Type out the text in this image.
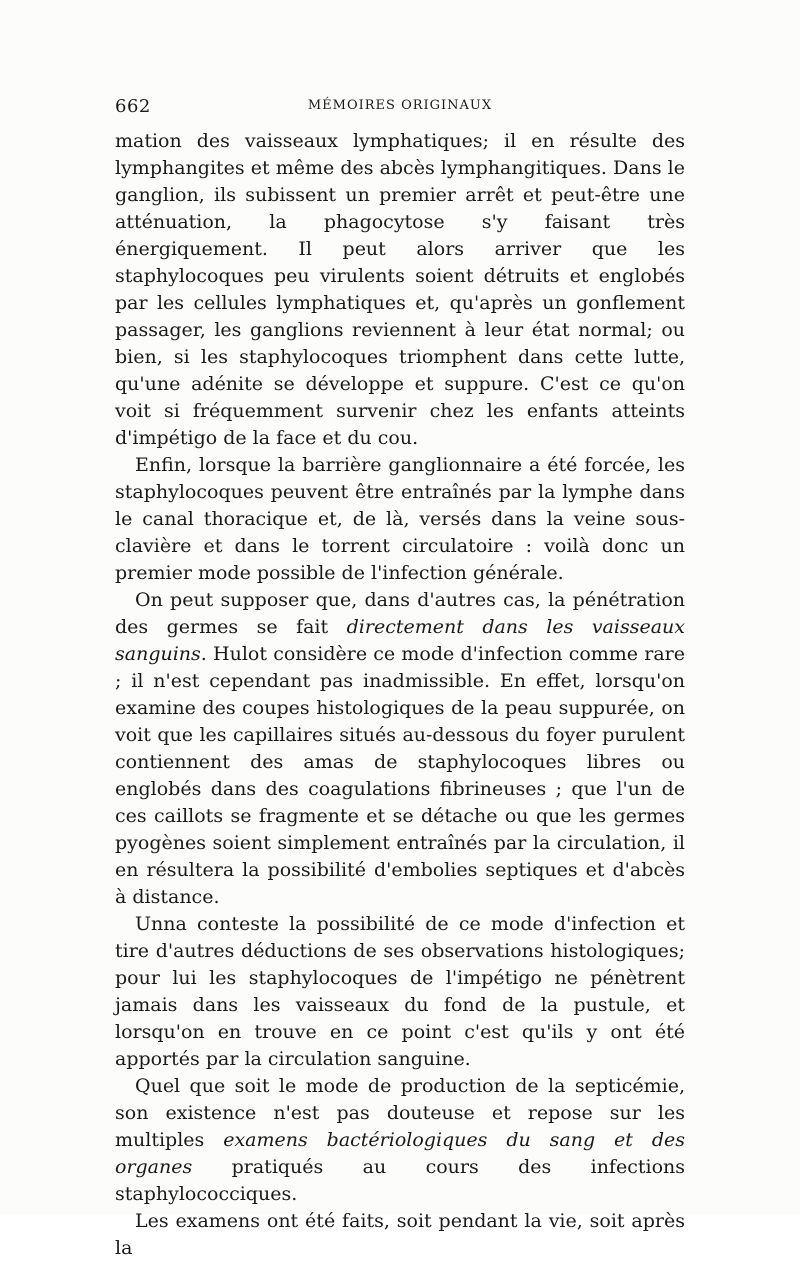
662	MÉMOIRES ORIGINAUX

mation des vaisseaux lymphatiques; il en résulte des lymphangites et même des abcès lymphangitiques. Dans le ganglion, ils subissent un premier arrêt et peut-être une atténuation, la phagocytose s'y faisant très énergiquement. Il peut alors arriver que les staphylocoques peu virulents soient détruits et englobés par les cellules lymphatiques et, qu'après un gonflement passager, les ganglions reviennent à leur état normal; ou bien, si les staphylocoques triomphent dans cette lutte, qu'une adénite se développe et suppure. C'est ce qu'on voit si fréquemment survenir chez les enfants atteints d'impétigo de la face et du cou.

Enfin, lorsque la barrière ganglionnaire a été forcée, les staphylocoques peuvent être entraînés par la lymphe dans le canal thoracique et, de là, versés dans la veine sous-clavière et dans le torrent circulatoire : voilà donc un premier mode possible de l'infection générale.

On peut supposer que, dans d'autres cas, la pénétration des germes se fait directement dans les vaisseaux sanguins. Hulot considère ce mode d'infection comme rare ; il n'est cependant pas inadmissible. En effet, lorsqu'on examine des coupes histologiques de la peau suppurée, on voit que les capillaires situés au-dessous du foyer purulent contiennent des amas de staphylocoques libres ou englobés dans des coagulations fibrineuses ; que l'un de ces caillots se fragmente et se détache ou que les germes pyogènes soient simplement entraînés par la circulation, il en résultera la possibilité d'embolies septiques et d'abcès à distance.

Unna conteste la possibilité de ce mode d'infection et tire d'autres déductions de ses observations histologiques; pour lui les staphylocoques de l'impétigo ne pénètrent jamais dans les vaisseaux du fond de la pustule, et lorsqu'on en trouve en ce point c'est qu'ils y ont été apportés par la circulation sanguine.

Quel que soit le mode de production de la septicémie, son existence n'est pas douteuse et repose sur les multiples examens bactériologiques du sang et des organes pratiqués au cours des infections staphylococciques.

Les examens ont été faits, soit pendant la vie, soit après la
